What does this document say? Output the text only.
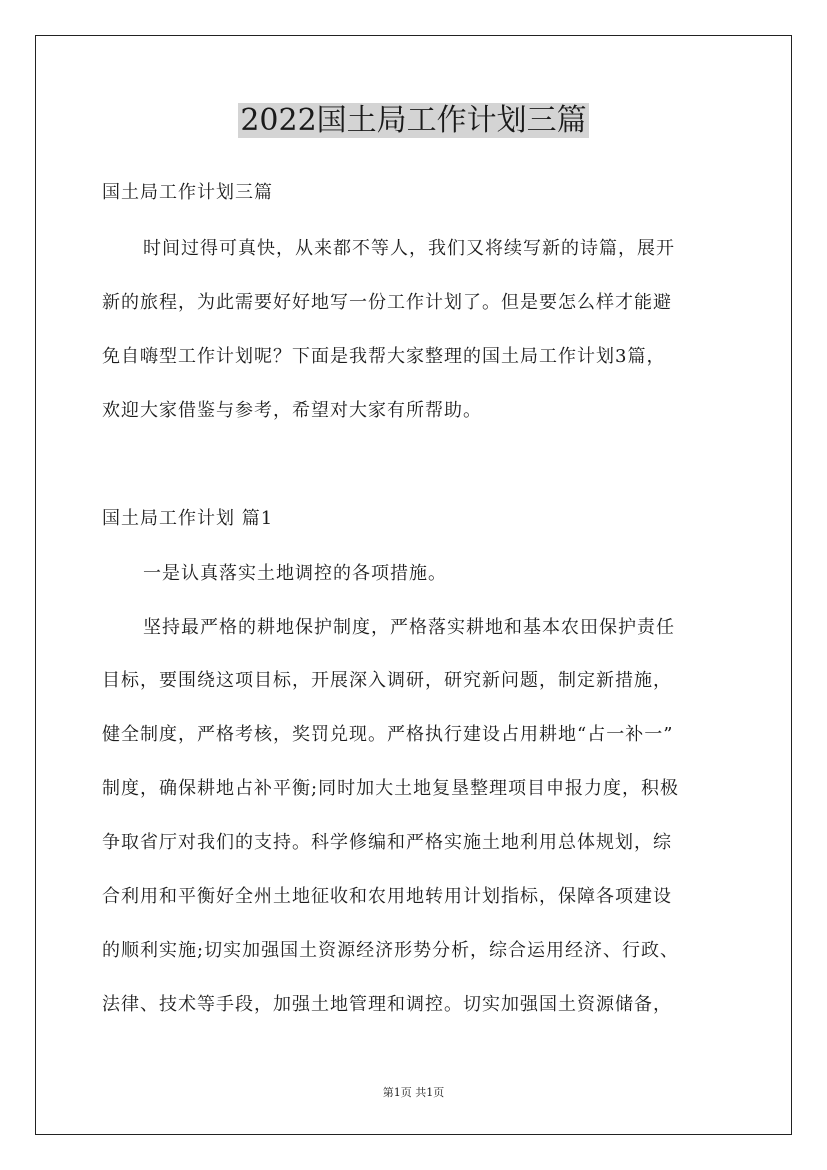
2022国土局工作计划三篇
国土局工作计划三篇
时间过得可真快，从来都不等人，我们又将续写新的诗篇，展开
新的旅程，为此需要好好地写一份工作计划了。但是要怎么样才能避
免自嗨型工作计划呢？下面是我帮大家整理的国土局工作计划3篇，
欢迎大家借鉴与参考，希望对大家有所帮助。
国土局工作计划 篇1
一是认真落实土地调控的各项措施。
坚持最严格的耕地保护制度，严格落实耕地和基本农田保护责任
目标，要围绕这项目标，开展深入调研，研究新问题，制定新措施，
健全制度，严格考核，奖罚兑现。严格执行建设占用耕地“占一补一”
制度，确保耕地占补平衡;同时加大土地复垦整理项目申报力度，积极
争取省厅对我们的支持。科学修编和严格实施土地利用总体规划，综
合利用和平衡好全州土地征收和农用地转用计划指标，保障各项建设
的顺利实施;切实加强国土资源经济形势分析，综合运用经济、行政、
法律、技术等手段，加强土地管理和调控。切实加强国土资源储备，
第1页 共1页
